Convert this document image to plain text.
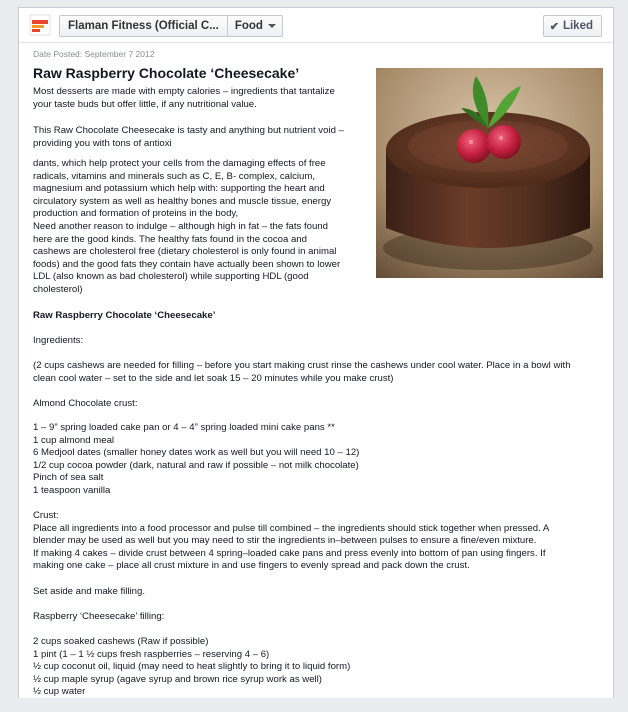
Flaman Fitness (Official C...	Food	✔ Liked
Date Posted: September 7 2012
Raw Raspberry Chocolate ‘Cheesecake’

Most desserts are made with empty calories – ingredients that tantalize
your taste buds but offer little, if any nutritional value.

This Raw Chocolate Cheesecake is tasty and anything but nutrient void –
providing you with tons of antioxi

dants, which help protect your cells from the damaging effects of free
radicals, vitamins and minerals such as C, E, B- complex, calcium,
magnesium and potassium which help with: supporting the heart and
circulatory system as well as healthy bones and muscle tissue, energy
production and formation of proteins in the body,
Need another reason to indulge – although high in fat – the fats found
here are the good kinds. The healthy fats found in the cocoa and
cashews are cholesterol free (dietary cholesterol is only found in animal
foods) and the good fats they contain have actually been shown to lower
LDL (also known as bad cholesterol) while supporting HDL (good
cholesterol)

Raw Raspberry Chocolate ‘Cheesecake’

Ingredients:

(2 cups cashews are needed for filling – before you start making crust rinse the cashews under cool water. Place in a bowl with
clean cool water – set to the side and let soak 15 – 20 minutes while you make crust)

Almond Chocolate crust:

1 – 9” spring loaded cake pan or 4 – 4” spring loaded mini cake pans **
1 cup almond meal
6 Medjool dates (smaller honey dates work as well but you will need 10 – 12)
1/2 cup cocoa powder (dark, natural and raw if possible – not milk chocolate)
Pinch of sea salt
1 teaspoon vanilla

Crust:
Place all ingredients into a food processor and pulse till combined – the ingredients should stick together when pressed. A
blender may be used as well but you may need to stir the ingredients in–between pulses to ensure a fine/even mixture.
If making 4 cakes – divide crust between 4 spring–loaded cake pans and press evenly into bottom of pan using fingers. If
making one cake – place all crust mixture in and use fingers to evenly spread and pack down the crust.

Set aside and make filling.

Raspberry ‘Cheesecake’ filling:

2 cups soaked cashews (Raw if possible)
1 pint (1 – 1 ½ cups fresh raspberries – reserving 4 – 6)
½ cup coconut oil, liquid (may need to heat slightly to bring it to liquid form)
½ cup maple syrup (agave syrup and brown rice syrup work as well)
½ cup water
